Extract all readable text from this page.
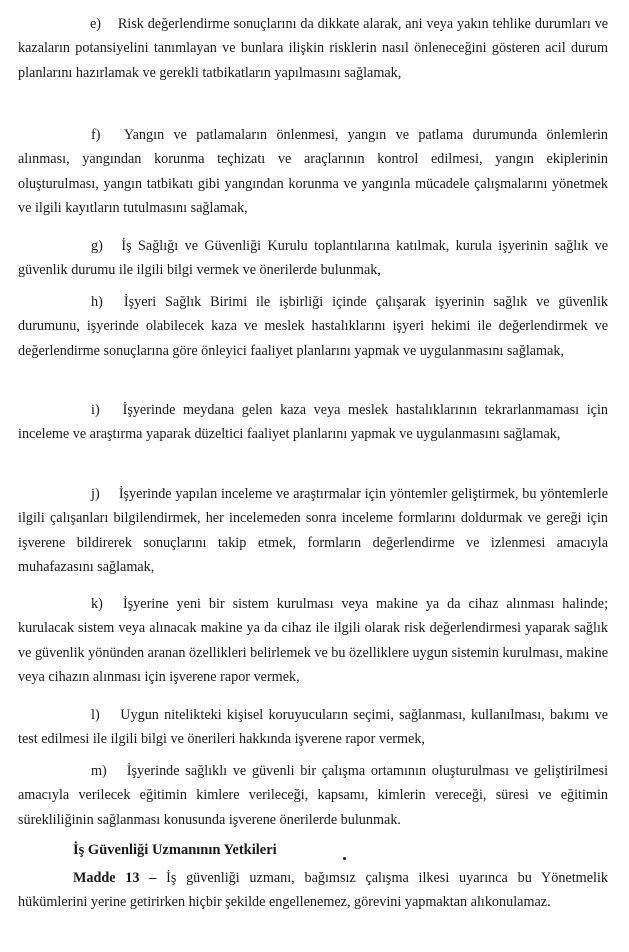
e) Risk değerlendirme sonuçlarını da dikkate alarak, ani veya yakın tehlike durumları ve kazaların potansiyelini tanımlayan ve bunlara ilişkin risklerin nasıl önleneceğini gösteren acil durum planlarını hazırlamak ve gerekli tatbikatların yapılmasını sağlamak,
f) Yangın ve patlamaların önlenmesi, yangın ve patlama durumunda önlemlerin alınması, yangından korunma teçhizatı ve araçlarının kontrol edilmesi, yangın ekiplerinin oluşturulması, yangın tatbikatı gibi yangından korunma ve yangınla mücadele çalışmalarını yönetmek ve ilgili kayıtların tutulmasını sağlamak,
g) İş Sağlığı ve Güvenliği Kurulu toplantılarına katılmak, kurula işyerinin sağlık ve güvenlik durumu ile ilgili bilgi vermek ve önerilerde bulunmak,
h) İşyeri Sağlık Birimi ile işbirliği içinde çalışarak işyerinin sağlık ve güvenlik durumunu, işyerinde olabilecek kaza ve meslek hastalıklarını işyeri hekimi ile değerlendirmek ve değerlendirme sonuçlarına göre önleyici faaliyet planlarını yapmak ve uygulanmasını sağlamak,
i) İşyerinde meydana gelen kaza veya meslek hastalıklarının tekrarlanmaması için inceleme ve araştırma yaparak düzeltici faaliyet planlarını yapmak ve uygulanmasını sağlamak,
j) İşyerinde yapılan inceleme ve araştırmalar için yöntemler geliştirmek, bu yöntemlerle ilgili çalışanları bilgilendirmek, her incelemeden sonra inceleme formlarını doldurmak ve gereği için işverene bildirerek sonuçlarını takip etmek, formların değerlendirme ve izlenmesi amacıyla muhafazasını sağlamak,
k) İşyerine yeni bir sistem kurulması veya makine ya da cihaz alınması halinde; kurulacak sistem veya alınacak makine ya da cihaz ile ilgili olarak risk değerlendirmesi yaparak sağlık ve güvenlik yönünden aranan özellikleri belirlemek ve bu özelliklere uygun sistemin kurulması, makine veya cihazın alınması için işverene rapor vermek,
l) Uygun nitelikteki kişisel koruyucuların seçimi, sağlanması, kullanılması, bakımı ve test edilmesi ile ilgili bilgi ve önerileri hakkında işverene rapor vermek,
m) İşyerinde sağlıklı ve güvenli bir çalışma ortamının oluşturulması ve geliştirilmesi amacıyla verilecek eğitimin kimlere verileceği, kapsamı, kimlerin vereceği, süresi ve eğitimin sürekliliğinin sağlanması konusunda işverene önerilerde bulunmak.
İş Güvenliği Uzmanının Yetkileri
Madde 13 – İş güvenliği uzmanı, bağımsız çalışma ilkesi uyarınca bu Yönetmelik hükümlerini yerine getirirken hiçbir şekilde engellenemez, görevini yapmaktan alıkonulamaz.
